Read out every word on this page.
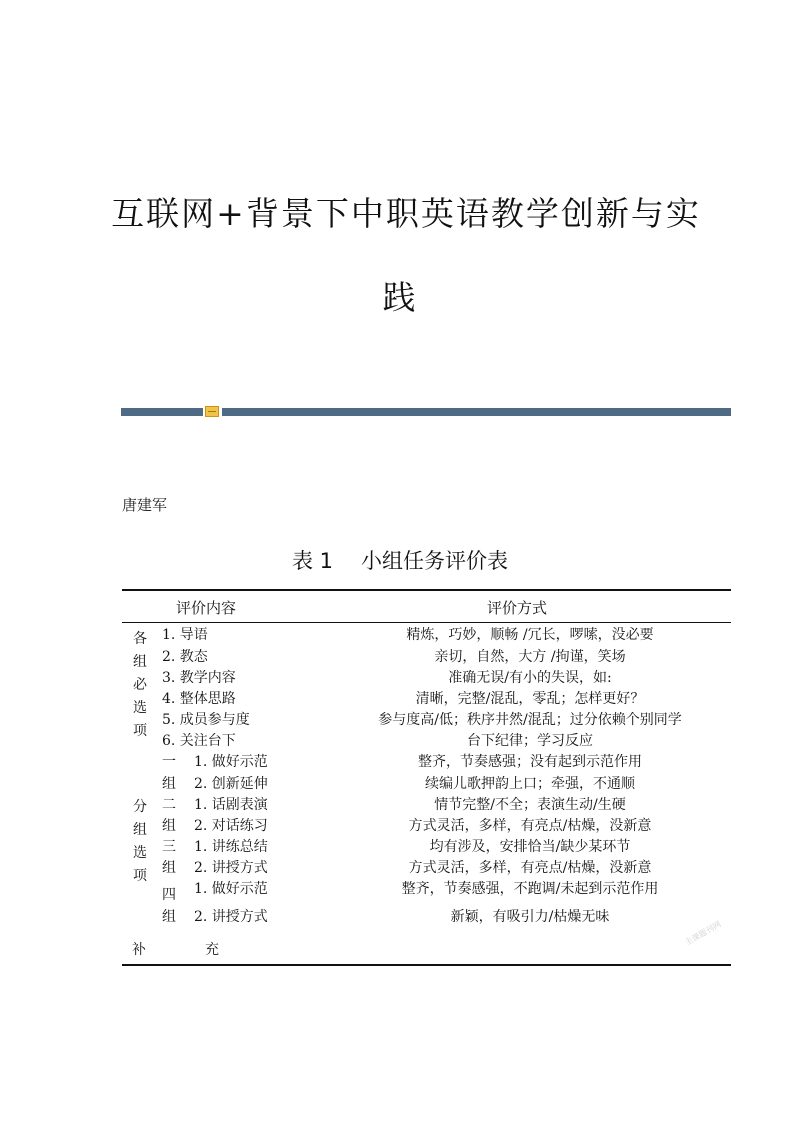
互联网+背景下中职英语教学创新与实
践
唐建军
表 1 小组任务评价表
评价内容	评价方式
各组必选项
1. 导语	精炼，巧妙，顺畅 /冗长，啰嗦，没必要
2. 教态	亲切，自然，大方 /拘谨，笑场
3. 教学内容	准确无误/有小的失误，如:
4. 整体思路	清晰，完整/混乱，零乱；怎样更好？
5. 成员参与度	参与度高/低；秩序井然/混乱；过分依赖个别同学
6. 关注台下	台下纪律；学习反应
分组选项
一 1. 做好示范	整齐，节奏感强；没有起到示范作用
组 2. 创新延伸	续编儿歌押韵上口；牵强，不通顺
二 1. 话剧表演	情节完整/不全；表演生动/生硬
组 2. 对话练习	方式灵活，多样，有亮点/枯燥，没新意
三 1. 讲练总结	均有涉及，安排恰当/缺少某环节
组 2. 讲授方式	方式灵活，多样，有亮点/枯燥，没新意
四 1. 做好示范	整齐，节奏感强，不跑调/未起到示范作用
组 2. 讲授方式	新颖，有吸引力/枯燥无味
补	充
主课题刊网
